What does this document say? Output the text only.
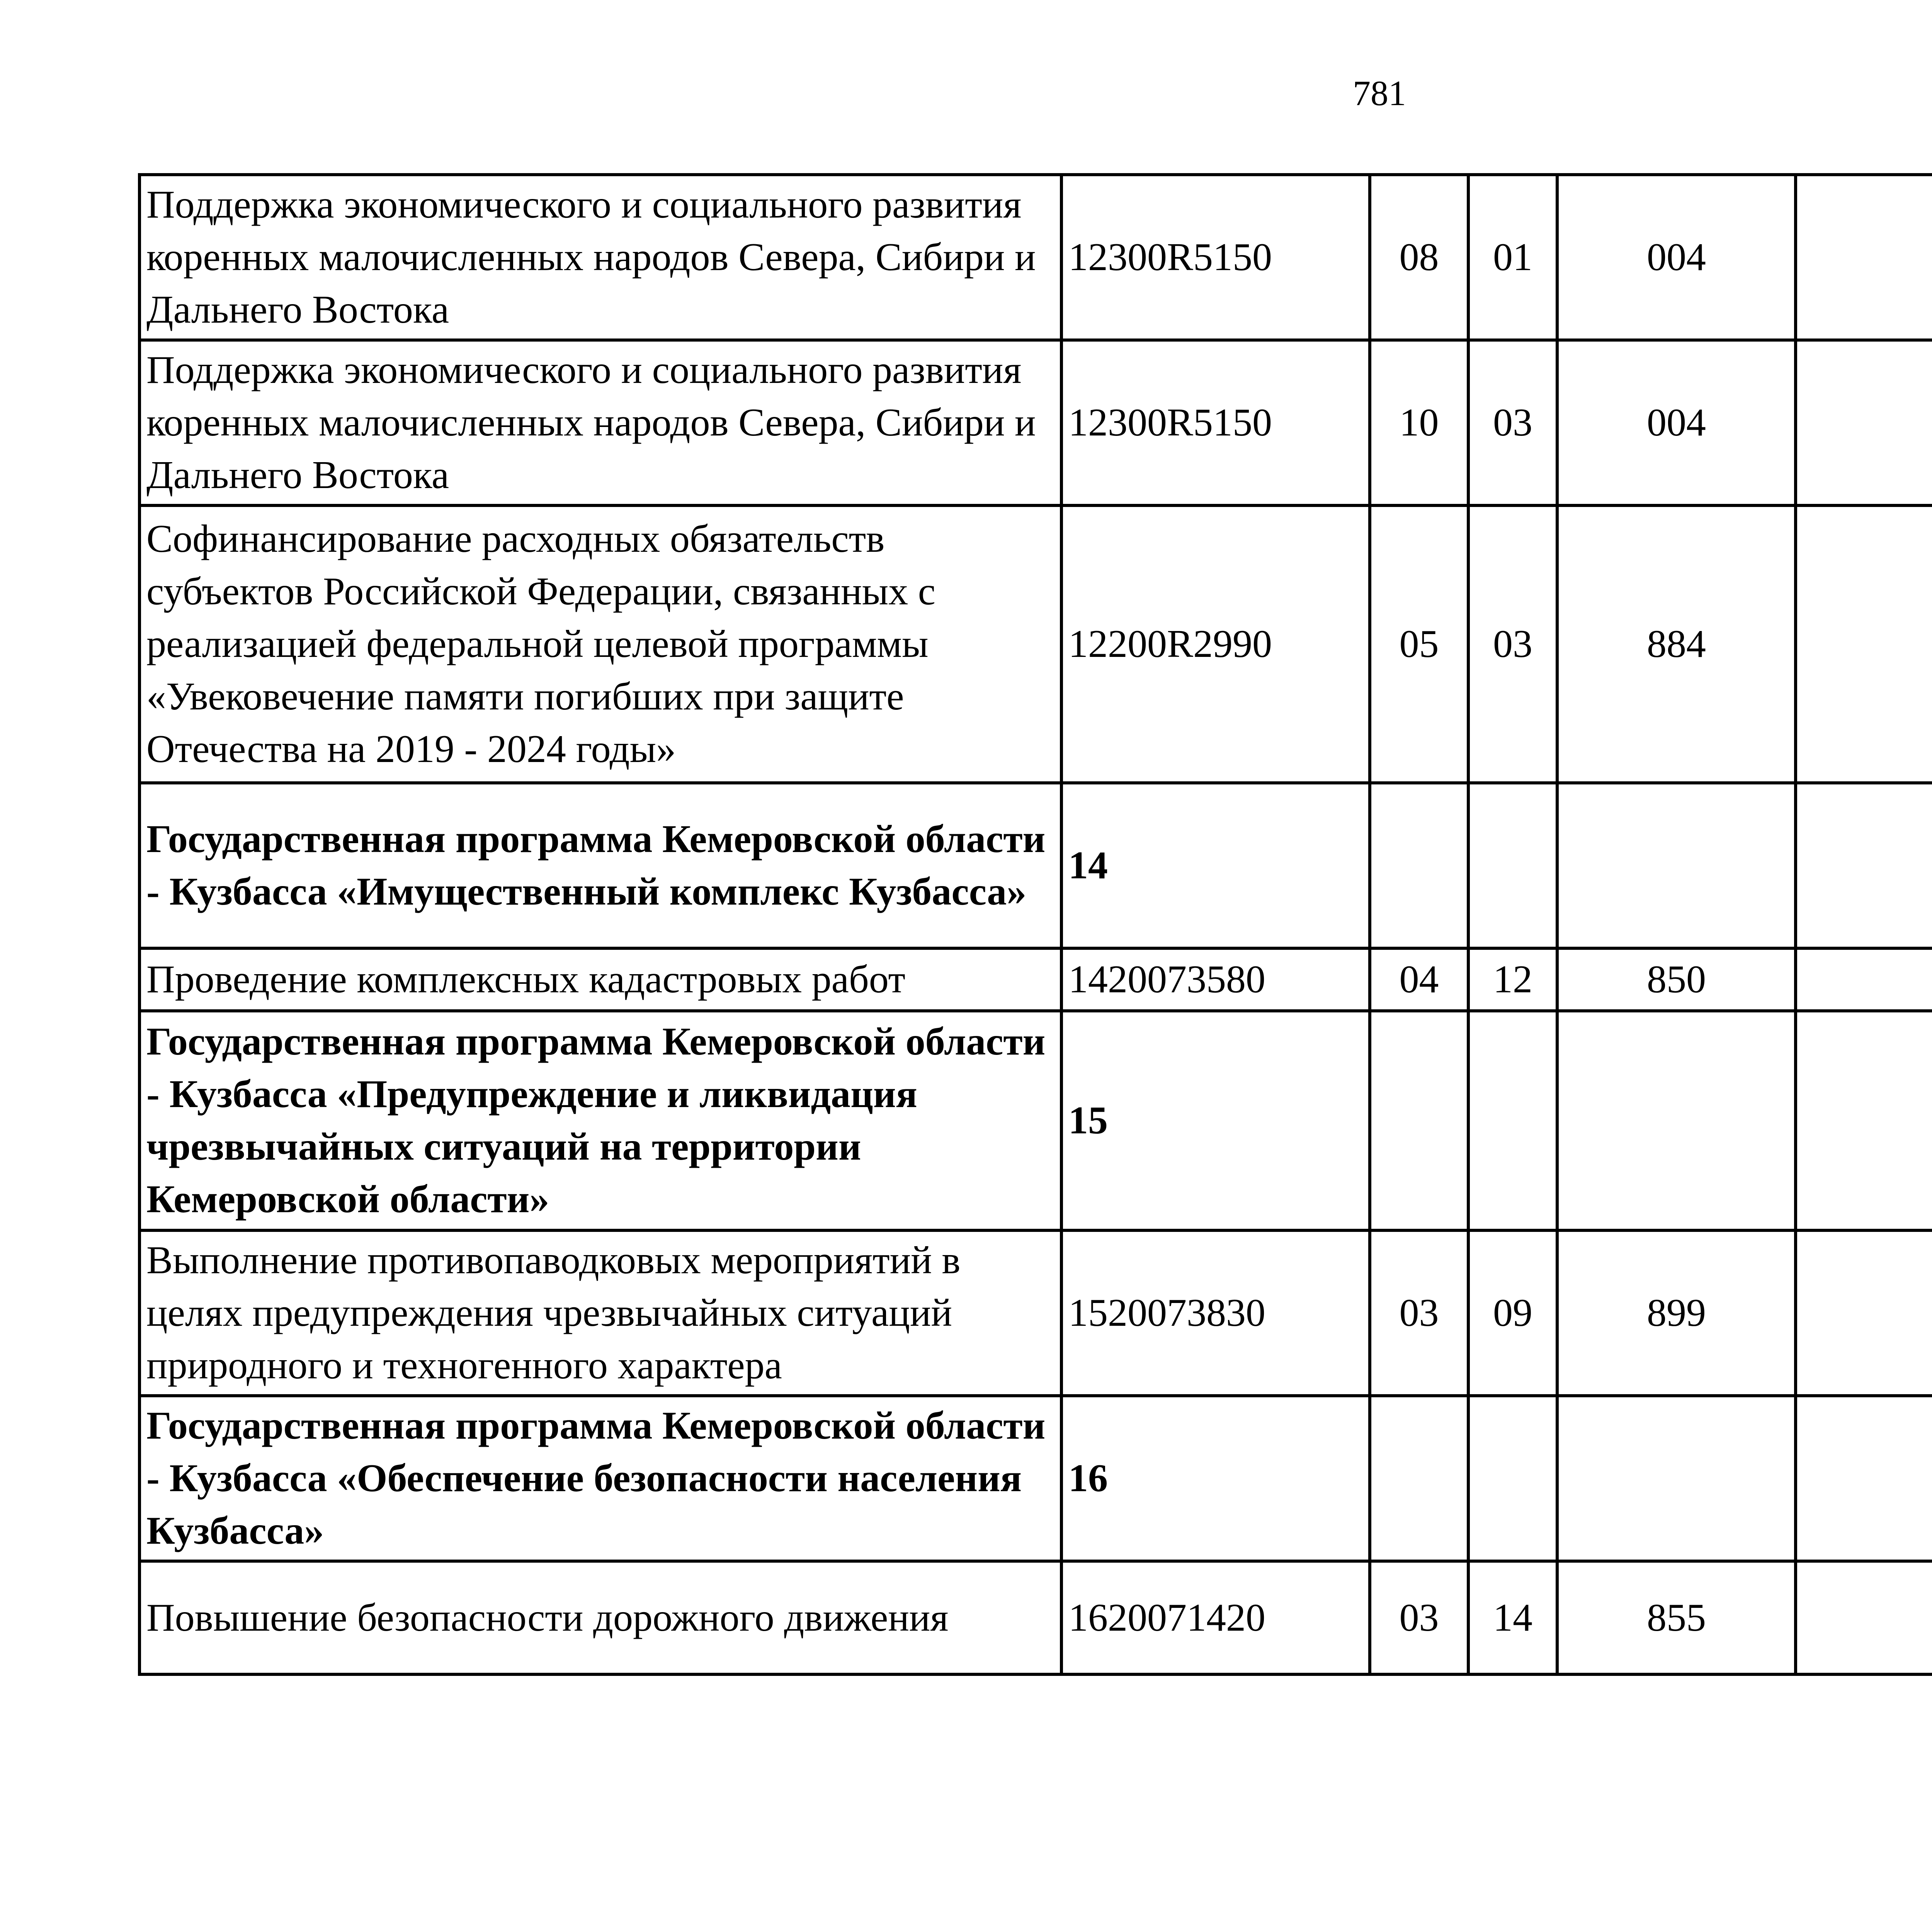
781
Поддержка экономического и социального развития коренных малочисленных народов Севера, Сибири и Дальнего Востока	12300R5150	08	01	004			
Поддержка экономического и социального развития коренных малочисленных народов Севера, Сибири и Дальнего Востока	12300R5150	10	03	004			
Софинансирование расходных обязательств субъектов Российской Федерации, связанных с реализацией федеральной целевой программы «Увековечение памяти погибших при защите Отечества на 2019 - 2024 годы»	12200R2990	05	03	884			
Государственная программа Кемеровской области - Кузбасса «Имущественный комплекс Кузбасса»	14						
Проведение комплексных кадастровых работ	1420073580	04	12	850			
Государственная программа Кемеровской области - Кузбасса «Предупреждение и ликвидация чрезвычайных ситуаций на территории Кемеровской области»	15						
Выполнение противопаводковых мероприятий в целях предупреждения чрезвычайных ситуаций природного и техногенного характера	1520073830	03	09	899			
Государственная программа Кемеровской области - Кузбасса «Обеспечение безопасности населения Кузбасса»	16						
Повышение безопасности дорожного движения	1620071420	03	14	855			
